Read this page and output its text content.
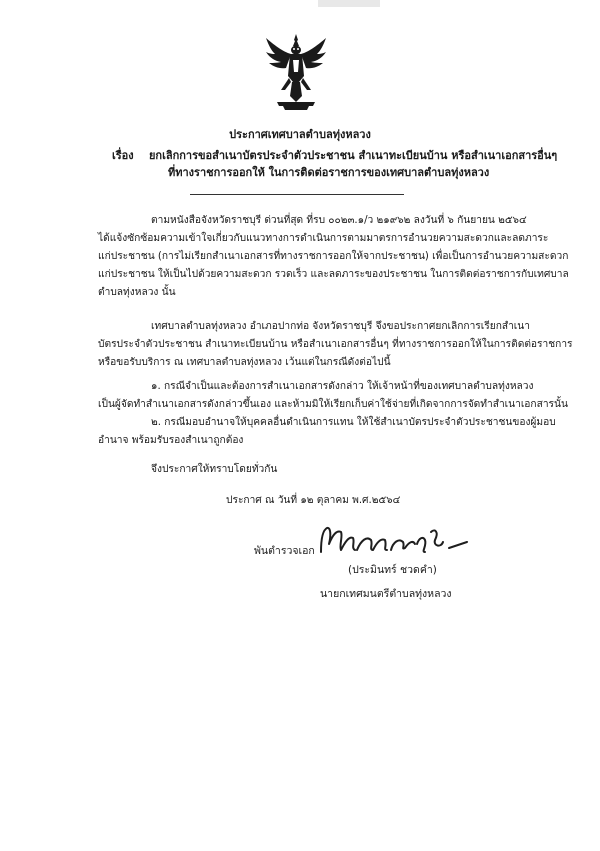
ประกาศเทศบาลตำบลทุ่งหลวง
เรื่อง ยกเลิกการขอสำเนาบัตรประจำตัวประชาชน สำเนาทะเบียนบ้าน หรือสำเนาเอกสารอื่นๆ
ที่ทางราชการออกให้ ในการติดต่อราชการของเทศบาลตำบลทุ่งหลวง
ตามหนังสือจังหวัดราชบุรี ด่วนที่สุด ที่รบ ๐๐๒๓.๑/ว ๒๑๙๖๒ ลงวันที่ ๖ กันยายน ๒๕๖๔
ได้แจ้งซักซ้อมความเข้าใจเกี่ยวกับแนวทางการดำเนินการตามมาตรการอำนวยความสะดวกและลดภาระ
แก่ประชาชน (การไม่เรียกสำเนาเอกสารที่ทางราชการออกให้จากประชาชน) เพื่อเป็นการอำนวยความสะดวก
แก่ประชาชน ให้เป็นไปด้วยความสะดวก รวดเร็ว และลดภาระของประชาชน ในการติดต่อราชการกับเทศบาล
ตำบลทุ่งหลวง นั้น
เทศบาลตำบลทุ่งหลวง อำเภอปากท่อ จังหวัดราชบุรี จึงขอประกาศยกเลิกการเรียกสำเนา
บัตรประจำตัวประชาชน สำเนาทะเบียนบ้าน หรือสำเนาเอกสารอื่นๆ ที่ทางราชการออกให้ในการติดต่อราชการ
หรือขอรับบริการ ณ เทศบาลตำบลทุ่งหลวง เว้นแต่ในกรณีดังต่อไปนี้
๑. กรณีจำเป็นและต้องการสำเนาเอกสารดังกล่าว ให้เจ้าหน้าที่ของเทศบาลตำบลทุ่งหลวง
เป็นผู้จัดทำสำเนาเอกสารดังกล่าวขึ้นเอง และห้ามมิให้เรียกเก็บค่าใช้จ่ายที่เกิดจากการจัดทำสำเนาเอกสารนั้น
๒. กรณีมอบอำนาจให้บุคคลอื่นดำเนินการแทน ให้ใช้สำเนาบัตรประจำตัวประชาชนของผู้มอบ
อำนาจ พร้อมรับรองสำเนาถูกต้อง
จึงประกาศให้ทราบโดยทั่วกัน
ประกาศ ณ วันที่ ๑๒ ตุลาคม พ.ศ.๒๕๖๔
พันตำรวจเอก
(ประมินทร์ ชวดคำ)
นายกเทศมนตรีตำบลทุ่งหลวง
